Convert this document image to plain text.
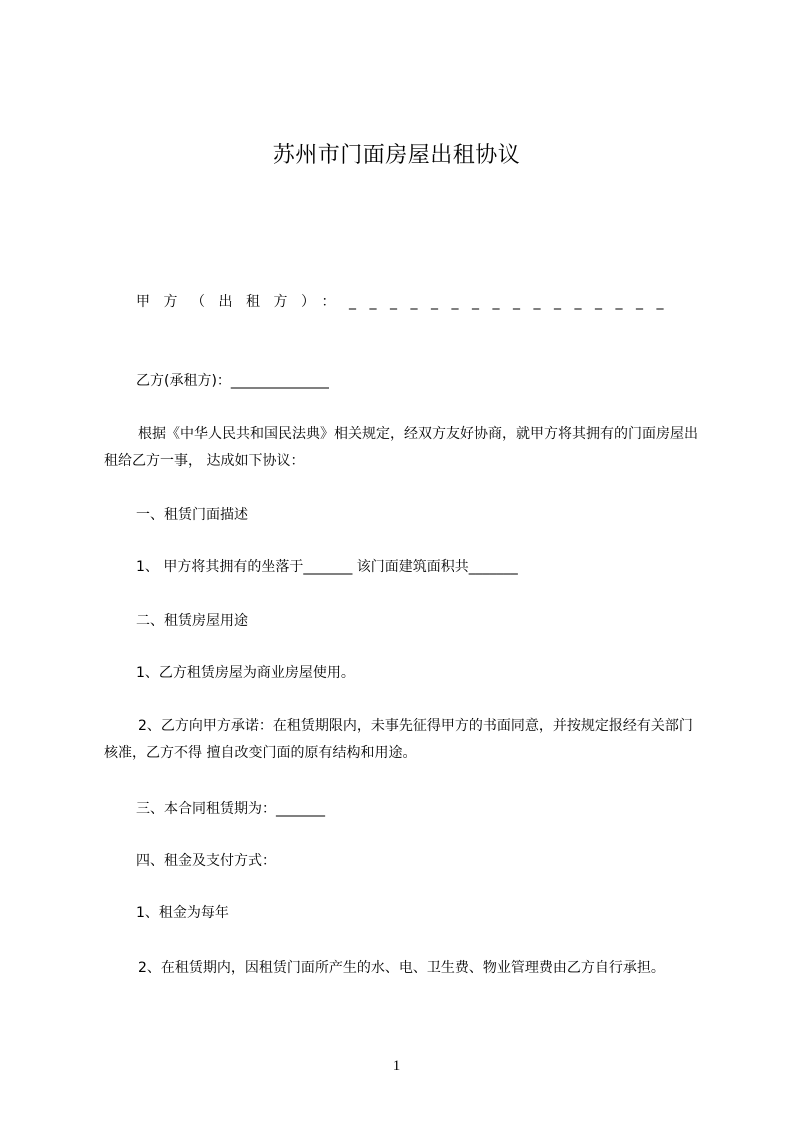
苏州市门面房屋出租协议
甲方（出租方）：________________
乙方(承租方)：______________
根据《中华人民共和国民法典》相关规定，经双方友好协商，就甲方将其拥有的门面房屋出租给乙方一事， 达成如下协议：
一、租赁门面描述
1、 甲方将其拥有的坐落于_______ 该门面建筑面积共_______
二、租赁房屋用途
1、乙方租赁房屋为商业房屋使用。
2、乙方向甲方承诺：在租赁期限内，未事先征得甲方的书面同意，并按规定报经有关部门核准，乙方不得 擅自改变门面的原有结构和用途。
三、本合同租赁期为：_______
四、租金及支付方式：
1、租金为每年
2、在租赁期内，因租赁门面所产生的水、电、卫生费、物业管理费由乙方自行承担。
1
